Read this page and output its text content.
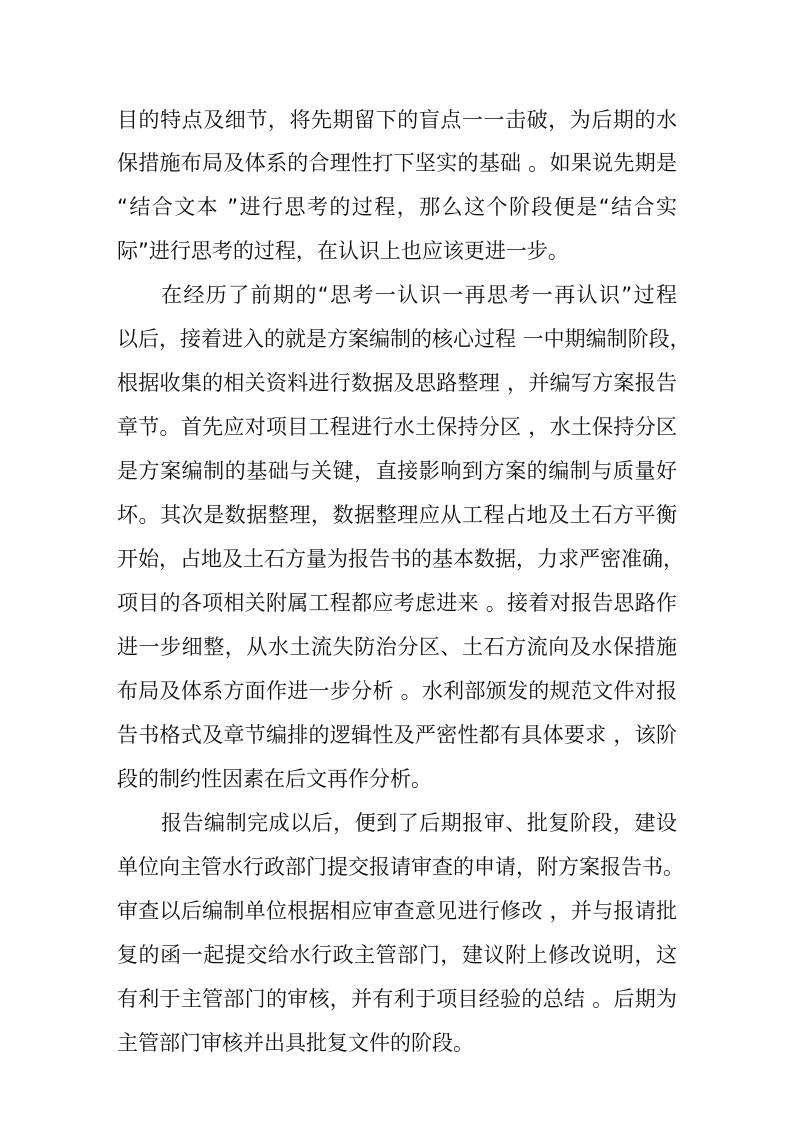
目的特点及细节，将先期留下的盲点一一击破，为后期的水
保措施布局及体系的合理性打下坚实的基础 。如果说先期是
“结合文本 ”进行思考的过程，那么这个阶段便是“结合实
际”进行思考的过程，在认识上也应该更进一步。
在经历了前期的“思考一认识一再思考一再认识”过程
以后，接着进入的就是方案编制的核心过程 一中期编制阶段，
根据收集的相关资料进行数据及思路整理 ，并编写方案报告
章节。首先应对项目工程进行水土保持分区 ，水土保持分区
是方案编制的基础与关键，直接影响到方案的编制与质量好
坏。其次是数据整理，数据整理应从工程占地及土石方平衡
开始，占地及土石方量为报告书的基本数据，力求严密准确，
项目的各项相关附属工程都应考虑进来 。接着对报告思路作
进一步细整，从水土流失防治分区、土石方流向及水保措施
布局及体系方面作进一步分析 。水利部颁发的规范文件对报
告书格式及章节编排的逻辑性及严密性都有具体要求 ，该阶
段的制约性因素在后文再作分析。
报告编制完成以后，便到了后期报审、批复阶段，建设
单位向主管水行政部门提交报请审查的申请，附方案报告书。
审查以后编制单位根据相应审查意见进行修改 ，并与报请批
复的函一起提交给水行政主管部门，建议附上修改说明，这
有利于主管部门的审核，并有利于项目经验的总结 。后期为
主管部门审核并出具批复文件的阶段。
